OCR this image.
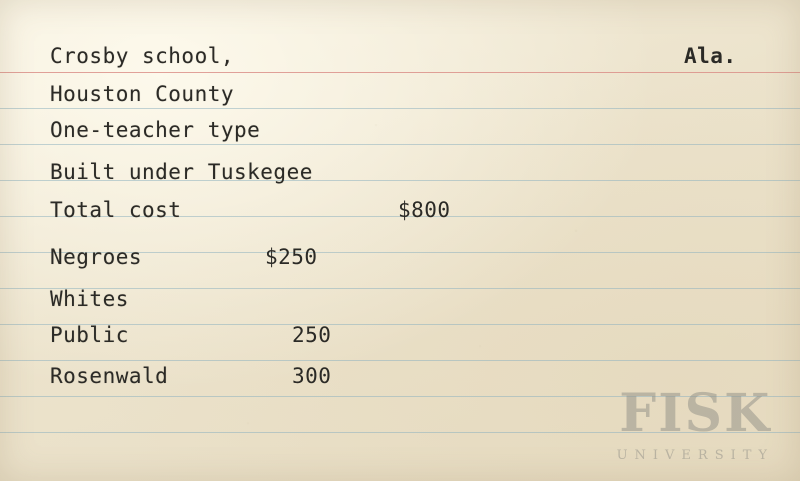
Crosby school,	Ala.
Houston County
One-teacher type
Built under Tuskegee
Total cost	$800
Negroes	$250
Whites
Public	250
Rosenwald	300
FISK
UNIVERSITY
